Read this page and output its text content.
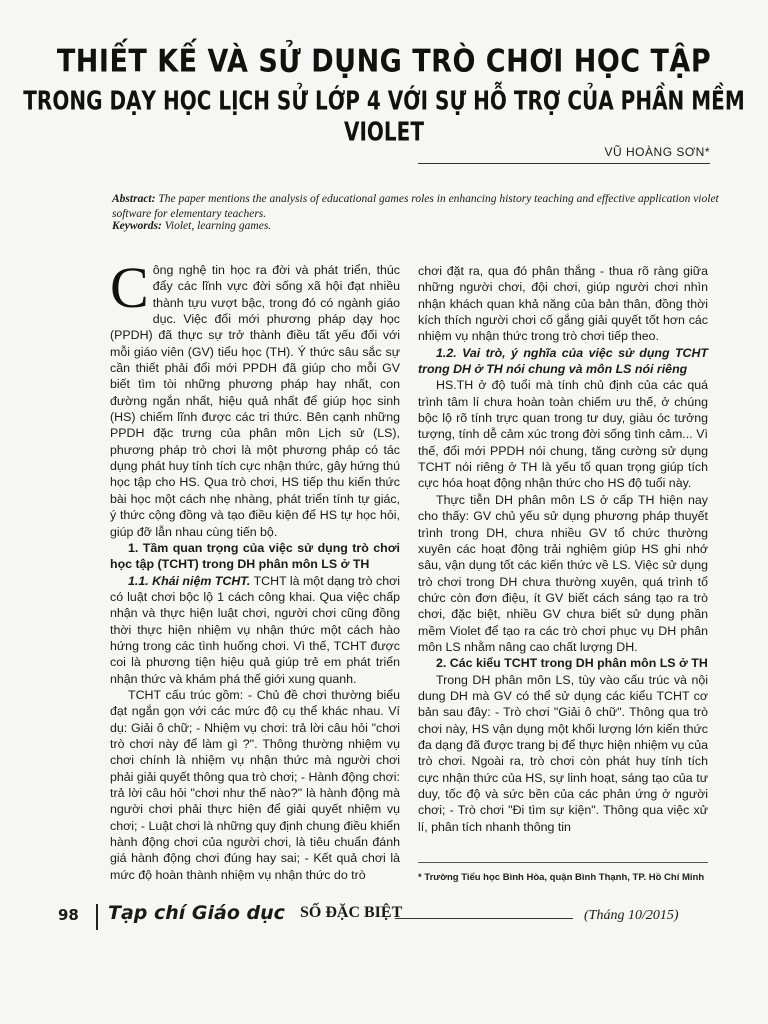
THIẾT KẾ VÀ SỬ DỤNG TRÒ CHƠI HỌC TẬP
TRONG DẠY HỌC LỊCH SỬ LỚP 4 VỚI SỰ HỖ TRỢ CỦA PHẦN MỀM VIOLET
VŨ HOÀNG SƠN*
Abstract: The paper mentions the analysis of educational games roles in enhancing history teaching and effective application violet software for elementary teachers.
Keywords: Violet, learning games.

Công nghệ tin học ra đời và phát triển, thúc đẩy các lĩnh vực đời sống xã hội đạt nhiều thành tựu vượt bậc, trong đó có ngành giáo dục. Việc đổi mới phương pháp dạy học (PPDH) đã thực sự trở thành điều tất yếu đối với mỗi giáo viên (GV) tiểu học (TH). Ý thức sâu sắc sự cần thiết phải đổi mới PPDH đã giúp cho mỗi GV biết tìm tòi những phương pháp hay nhất, con đường ngắn nhất, hiệu quả nhất để giúp học sinh (HS) chiếm lĩnh được các tri thức. Bên cạnh những PPDH đặc trưng của phân môn Lịch sử (LS), phương pháp trò chơi là một phương pháp có tác dụng phát huy tính tích cực nhận thức, gây hứng thú học tập cho HS. Qua trò chơi, HS tiếp thu kiến thức bài học một cách nhẹ nhàng, phát triển tính tự giác, ý thức cộng đồng và tạo điều kiện để HS tự học hỏi, giúp đỡ lẫn nhau cùng tiến bộ.

1. Tầm quan trọng của việc sử dụng trò chơi học tập (TCHT) trong DH phân môn LS ở TH

1.1. Khái niệm TCHT. TCHT là một dạng trò chơi có luật chơi bộc lộ 1 cách công khai. Qua việc chấp nhận và thực hiện luật chơi, người chơi cũng đồng thời thực hiện nhiệm vụ nhận thức một cách hào hứng trong các tình huống chơi. Vì thế, TCHT được coi là phương tiện hiệu quả giúp trẻ em phát triển nhận thức và khám phá thế giới xung quanh.

TCHT cấu trúc gồm: - Chủ đề chơi thường biểu đạt ngắn gọn với các mức độ cụ thể khác nhau. Ví dụ: Giải ô chữ; - Nhiệm vụ chơi: trả lời câu hỏi "chơi trò chơi này để làm gì ?". Thông thường nhiệm vụ chơi chính là nhiệm vụ nhận thức mà người chơi phải giải quyết thông qua trò chơi; - Hành động chơi: trả lời câu hỏi "chơi như thế nào?" là hành động mà người chơi phải thực hiện để giải quyết nhiệm vụ chơi; - Luật chơi là những quy định chung điều khiển hành động chơi của người chơi, là tiêu chuẩn đánh giá hành động chơi đúng hay sai; - Kết quả chơi là mức độ hoàn thành nhiệm vụ nhận thức do trò

chơi đặt ra, qua đó phân thắng - thua rõ ràng giữa những người chơi, đội chơi, giúp người chơi nhìn nhận khách quan khả năng của bản thân, đồng thời kích thích người chơi cố gắng giải quyết tốt hơn các nhiệm vụ nhận thức trong trò chơi tiếp theo.

1.2. Vai trò, ý nghĩa của việc sử dụng TCHT trong DH ở TH nói chung và môn LS nói riêng

HS.TH ở độ tuổi mà tính chủ định của các quá trình tâm lí chưa hoàn toàn chiếm ưu thế, ở chúng bộc lộ rõ tính trực quan trong tư duy, giàu óc tưởng tượng, tính dễ cảm xúc trong đời sống tình cảm... Vì thế, đổi mới PPDH nói chung, tăng cường sử dụng TCHT nói riêng ở TH là yếu tố quan trọng giúp tích cực hóa hoạt động nhận thức cho HS độ tuổi này.

Thực tiễn DH phân môn LS ở cấp TH hiện nay cho thấy: GV chủ yếu sử dụng phương pháp thuyết trình trong DH, chưa nhiều GV tổ chức thường xuyên các hoạt động trải nghiệm giúp HS ghi nhớ sâu, vận dụng tốt các kiến thức về LS. Việc sử dụng trò chơi trong DH chưa thường xuyên, quá trình tổ chức còn đơn điệu, ít GV biết cách sáng tạo ra trò chơi, đặc biệt, nhiều GV chưa biết sử dụng phần mềm Violet để tạo ra các trò chơi phục vụ DH phân môn LS nhằm nâng cao chất lượng DH.

2. Các kiểu TCHT trong DH phân môn LS ở TH

Trong DH phân môn LS, tùy vào cấu trúc và nội dung DH mà GV có thể sử dụng các kiểu TCHT cơ bản sau đây: - Trò chơi "Giải ô chữ". Thông qua trò chơi này, HS vận dụng một khối lượng lớn kiến thức đa dạng đã được trang bị để thực hiện nhiệm vụ của trò chơi. Ngoài ra, trò chơi còn phát huy tính tích cực nhận thức của HS, sự linh hoạt, sáng tạo của tư duy, tốc độ và sức bền của các phản ứng ở người chơi; - Trò chơi "Đi tìm sự kiện". Thông qua việc xử lí, phân tích nhanh thông tin

* Trường Tiểu học Bình Hòa, quận Bình Thạnh, TP. Hồ Chí Minh
98 Tạp chí Giáo dục SỐ ĐẶC BIỆT	(Tháng 10/2015)
